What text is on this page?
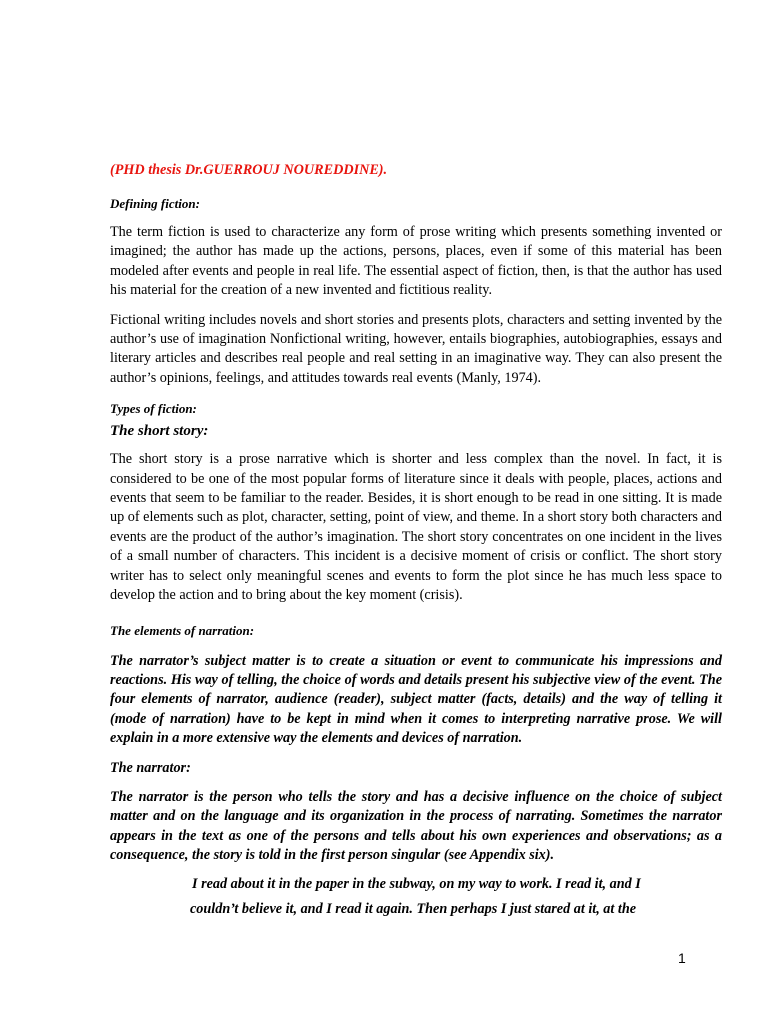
(PHD thesis Dr.GUERROUJ NOUREDDINE).

Defining fiction:

The term fiction is used to characterize any form of prose writing which presents something invented or imagined; the author has made up the actions, persons, places, even if some of this material has been modeled after events and people in real life. The essential aspect of fiction, then, is that the author has used his material for the creation of a new invented and fictitious reality.

Fictional writing includes novels and short stories and presents plots, characters and setting invented by the author’s use of imagination Nonfictional writing, however, entails biographies, autobiographies, essays and literary articles and describes real people and real setting in an imaginative way. They can also present the author’s opinions, feelings, and attitudes towards real events (Manly, 1974).

Types of fiction:

The short story:

The short story is a prose narrative which is shorter and less complex than the novel. In fact, it is considered to be one of the most popular forms of literature since it deals with people, places, actions and events that seem to be familiar to the reader. Besides, it is short enough to be read in one sitting. It is made up of elements such as plot, character, setting, point of view, and theme. In a short story both characters and events are the product of the author’s imagination. The short story concentrates on one incident in the lives of a small number of characters. This incident is a decisive moment of crisis or conflict. The short story writer has to select only meaningful scenes and events to form the plot since he has much less space to develop the action and to bring about the key moment (crisis).

The elements of narration:

The narrator’s subject matter is to create a situation or event to communicate his impressions and reactions. His way of telling, the choice of words and details present his subjective view of the event. The four elements of narrator, audience (reader), subject matter (facts, details) and the way of telling it (mode of narration) have to be kept in mind when it comes to interpreting narrative prose. We will explain in a more extensive way the elements and devices of narration.

The narrator:

The narrator is the person who tells the story and has a decisive influence on the choice of subject matter and on the language and its organization in the process of narrating. Sometimes the narrator appears in the text as one of the persons and tells about his own experiences and observations; as a consequence, the story is told in the first person singular (see Appendix six).

I read about it in the paper in the subway, on my way to work. I read it, and I
couldn’t believe it, and I read it again. Then perhaps I just stared at it, at the
1
